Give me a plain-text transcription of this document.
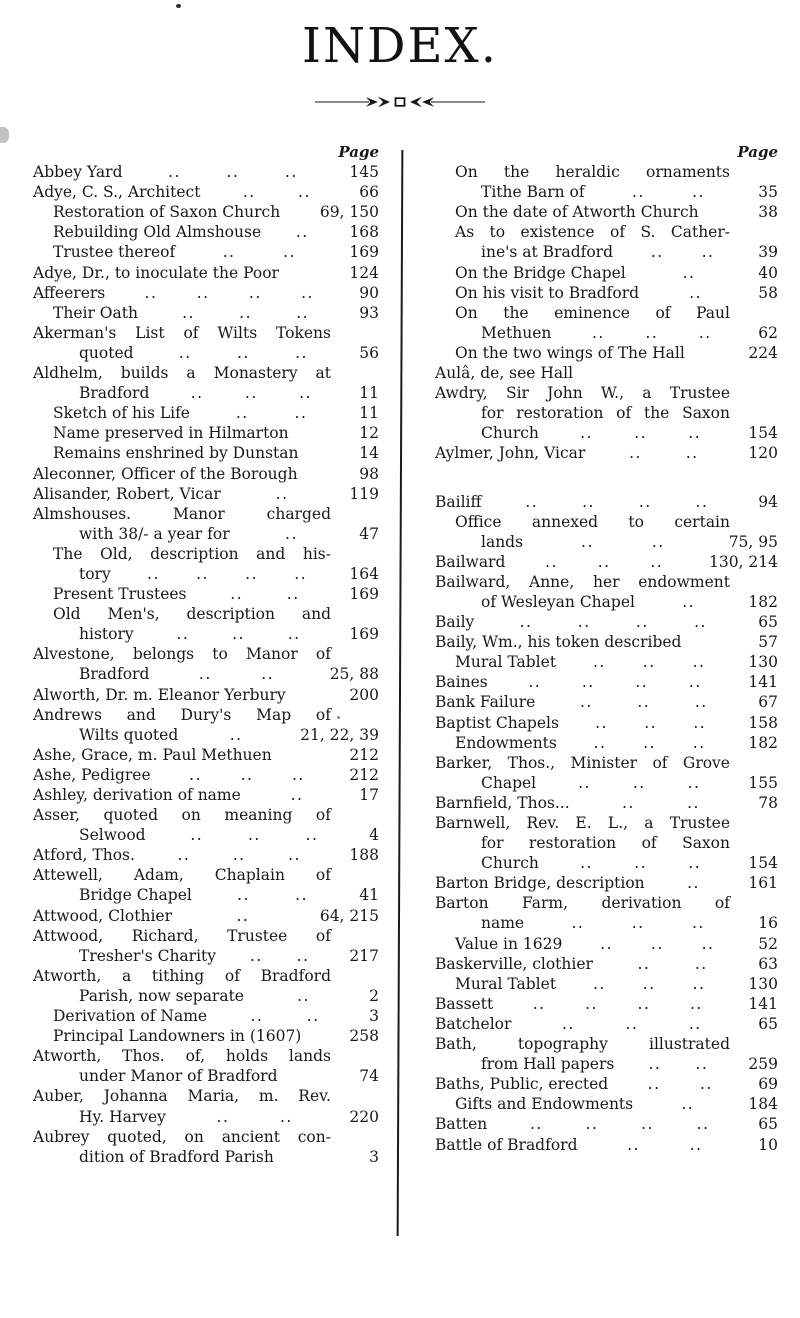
INDEX.
Page
Abbey Yard	..	..	..	145
Adye, C. S., Architect	..	..	66
Restoration of Saxon Church	69, 150
Rebuilding Old Almshouse ..	168
Trustee thereof	..	..	169
Adye, Dr., to inoculate the Poor	124
Affeerers	..	..	..	..	90
Their Oath	..	..	..	93
Akerman's List of Wilts Tokens
quoted	..	..	..	56
Aldhelm, builds a Monastery at
Bradford	..	..	..	11
Sketch of his Life	..	..	11
Name preserved in Hilmarton	12
Remains enshrined by Dunstan	14
Aleconner, Officer of the Borough	98
Alisander, Robert, Vicar	..	119
Almshouses. Manor charged
with 38/- a year for	..	47
The Old, description and his-
tory .. .. .. ..	164
Present Trustees	..	..	169
Old Men's, description and
history	..	..	..	169
Alvestone, belongs to Manor of
Bradford	..	..	25, 88
Alworth, Dr. m. Eleanor Yerbury	200
Andrews and Dury's Map of
Wilts quoted	..	21, 22, 39
Ashe, Grace, m. Paul Methuen	212
Ashe, Pedigree .. .. ..	212
Ashley, derivation of name	..	17
Asser, quoted on meaning of
Selwood	..	..	..	4
Atford, Thos.	..	..	..	188
Attewell, Adam, Chaplain of
Bridge Chapel	..	..	41
Attwood, Clothier	..	64, 215
Attwood, Richard, Trustee of
Tresher's Charity .. ..	217
Atworth, a tithing of Bradford
Parish, now separate	..	2
Derivation of Name	..	..	3
Principal Landowners in (1607)	258
Atworth, Thos. of, holds lands
under Manor of Bradford	74
Auber, Johanna Maria, m. Rev.
Hy. Harvey	..	..	220
Aubrey quoted, on ancient con-
dition of Bradford Parish	3
Page
On the heraldic ornaments
Tithe Barn of	..	..	35
On the date of Atworth Church	38
As to existence of S. Cather-
ine's at Bradford .. ..	39
On the Bridge Chapel	..	40
On his visit to Bradford	..	58
On the eminence of Paul
Methuen	..	..	..	62
On the two wings of The Hall	224
Aulâ, de, see Hall
Awdry, Sir John W., a Trustee
for restoration of the Saxon
Church	..	..	..	154
Aylmer, John, Vicar	..	..	120
Bailiff	..	..	..	..	94
Office annexed to certain
lands	..	..	75, 95
Bailward	..	..	..	130, 214
Bailward, Anne, her endowment
of Wesleyan Chapel	..	182
Baily	..	..	..	..	65
Baily, Wm., his token described	57
Mural Tablet .. .. ..	130
Baines	..	..	..	..	141
Bank Failure	..	..	..	67
Baptist Chapels .. .. ..	158
Endowments .. .. ..	182
Barker, Thos., Minister of Grove
Chapel	..	..	..	155
Barnfield, Thos...	..	..	78
Barnwell, Rev. E. L., a Trustee
for restoration of Saxon
Church	..	..	..	154
Barton Bridge, description	..	161
Barton Farm, derivation of
name	..	..	..	16
Value in 1629 .. .. ..	52
Baskerville, clothier	..	..	63
Mural Tablet .. .. ..	130
Bassett	..	..	..	..	141
Batchelor	..	..	..	65
Bath, topography illustrated
from Hall papers .. ..	259
Baths, Public, erected	..	..	69
Gifts and Endowments	..	184
Batten	..	..	..	..	65
Battle of Bradford	..	..	10
